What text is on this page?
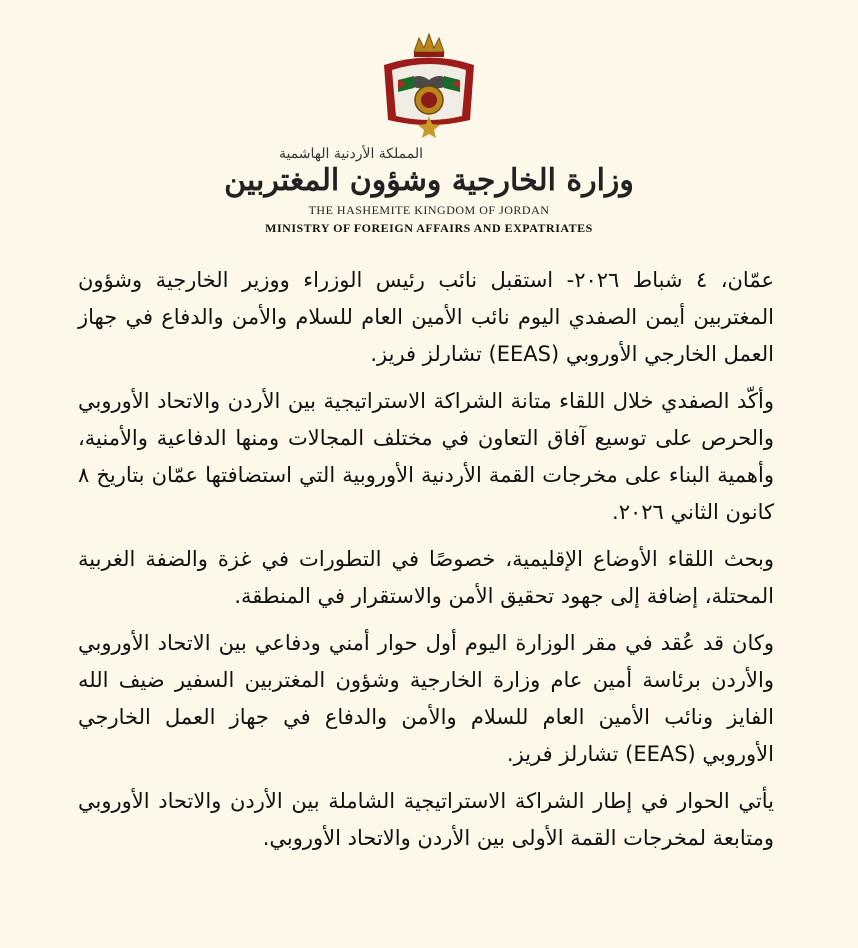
المملكة الأردنية الهاشمية
وزارة الخارجية وشؤون المغتربين
THE HASHEMITE KINGDOM OF JORDAN
MINISTRY OF FOREIGN AFFAIRS AND EXPATRIATES

عمّان، ٤ شباط ٢٠٢٦- استقبل نائب رئيس الوزراء ووزير الخارجية وشؤون المغتربين أيمن الصفدي اليوم نائب الأمين العام للسلام والأمن والدفاع في جهاز العمل الخارجي الأوروبي (EEAS) تشارلز فريز.

وأكّد الصفدي خلال اللقاء متانة الشراكة الاستراتيجية بين الأردن والاتحاد الأوروبي والحرص على توسيع آفاق التعاون في مختلف المجالات ومنها الدفاعية والأمنية، وأهمية البناء على مخرجات القمة الأردنية الأوروبية التي استضافتها عمّان بتاريخ ٨ كانون الثاني ٢٠٢٦.

وبحث اللقاء الأوضاع الإقليمية، خصوصًا في التطورات في غزة والضفة الغربية المحتلة، إضافة إلى جهود تحقيق الأمن والاستقرار في المنطقة.

وكان قد عُقد في مقر الوزارة اليوم أول حوار أمني ودفاعي بين الاتحاد الأوروبي والأردن برئاسة أمين عام وزارة الخارجية وشؤون المغتربين السفير ضيف الله الفايز ونائب الأمين العام للسلام والأمن والدفاع في جهاز العمل الخارجي الأوروبي (EEAS) تشارلز فريز.

يأتي الحوار في إطار الشراكة الاستراتيجية الشاملة بين الأردن والاتحاد الأوروبي ومتابعة لمخرجات القمة الأولى بين الأردن والاتحاد الأوروبي.
